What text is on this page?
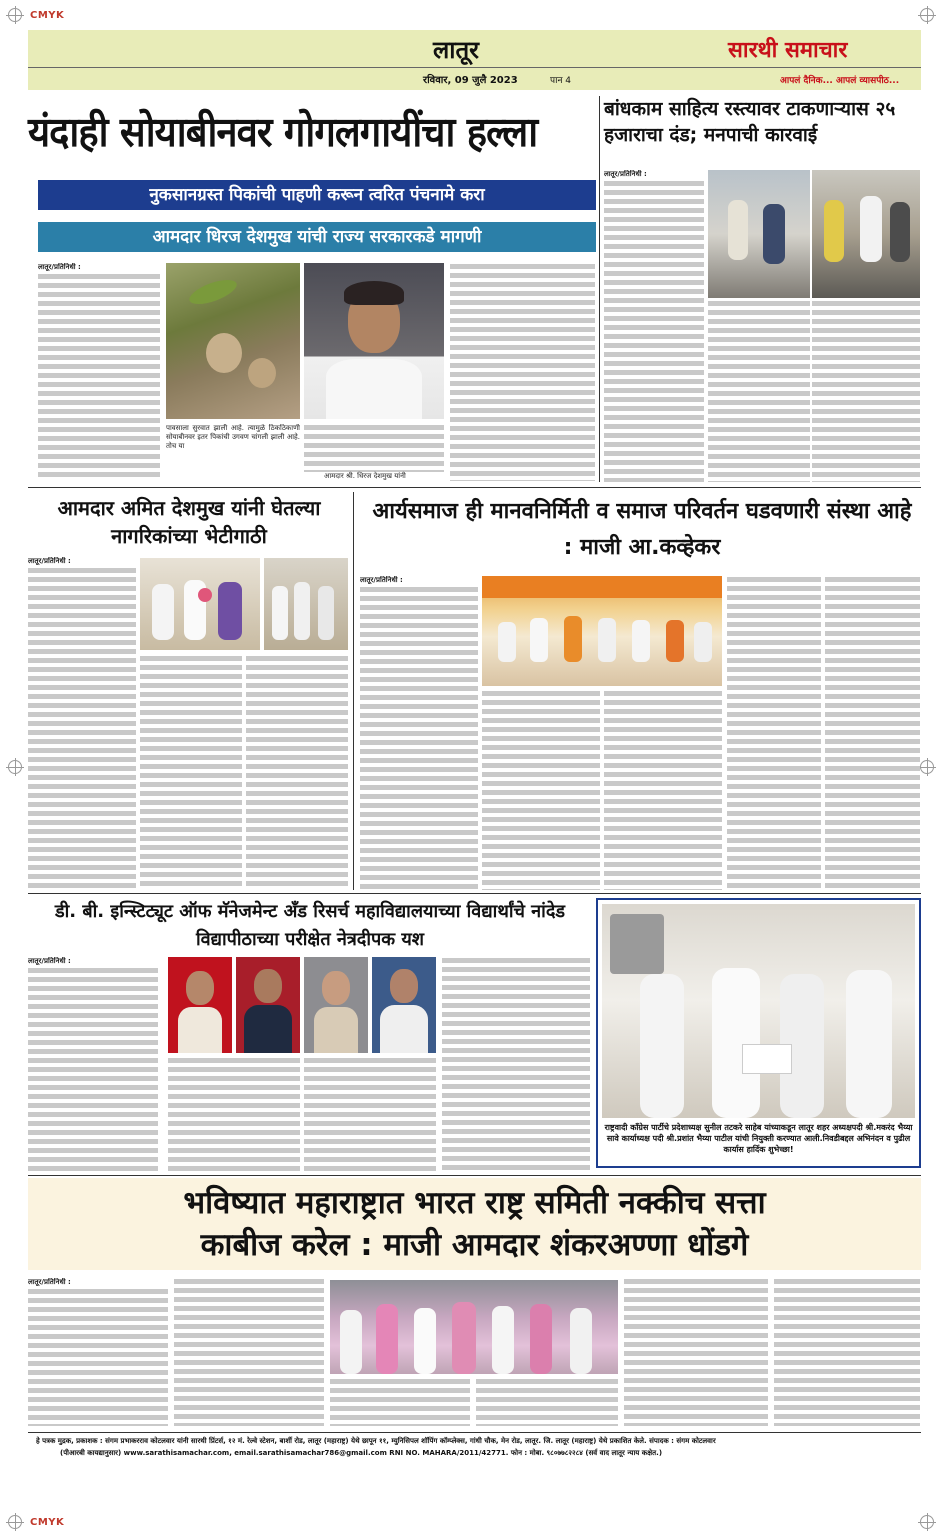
CMYK
CMYK
लातूर	सारथी समाचार
रविवार, 09 जुलै 2023	पान 4	आपलं दैनिक... आपलं व्यासपीठ...
यंदाही सोयाबीनवर गोगलगायींचा हल्ला
नुकसानग्रस्त पिकांची पाहणी करून त्वरित पंचनामे करा
आमदार धिरज देशमुख यांची राज्य सरकारकडे मागणी
लातूर/प्रतिनिधी :
पावसाला सुरवात झाली आहे. त्यामुळे ठिकठिकाणी सोयाबीनवर इतर पिकांची उगवण चांगली झाली आहे. तोच या
आमदार श्री. धिरज देशमुख यांनी
बांधकाम साहित्य रस्त्यावर टाकणाऱ्यास २५ हजाराचा दंड; मनपाची कारवाई
लातूर/प्रतिनिधी :
आमदार अमित देशमुख यांनी घेतल्या नागरिकांच्या भेटीगाठी
लातूर/प्रतिनिधी :
आर्यसमाज ही मानवनिर्मिती व समाज परिवर्तन घडवणारी संस्था आहे : माजी आ.कव्हेकर
लातूर/प्रतिनिधी :
डी. बी. इन्स्टिट्यूट ऑफ मॅनेजमेन्ट अँड रिसर्च महाविद्यालयाच्या विद्यार्थांचे नांदेड विद्यापीठाच्या परीक्षेत नेत्रदीपक यश
लातूर/प्रतिनिधी :
राष्ट्रवादी काँग्रेस पार्टीचे प्रदेशाध्यक्ष सुनील तटकरे साहेब यांच्याकडून लातूर शहर अध्यक्षपदी श्री.मकरंद भैय्या सावे कार्याध्यक्ष पदी श्री.प्रशांत भैय्या पाटील यांची नियुक्ती करण्यात आली.निवडीबद्दल अभिनंदन व पुढील कार्यास हार्दिक शुभेच्छा!
भविष्यात महाराष्ट्रात भारत राष्ट्र समिती नक्कीच सत्ता
काबीज करेल : माजी आमदार शंकरअण्णा धोंडगे
लातूर/प्रतिनिधी :
हे पत्रक मुद्रक, प्रकाशक : संगम प्रभाकरराव कोटलवार यांनी सारथी प्रिंटर्स, १२ मं. रेल्वे स्टेशन, बार्शी रोड, लातूर (महाराष्ट्र) येथे छापून ११, म्युनिसिपल शॉपिंग कॉम्प्लेक्स, गांधी चौक, मेन रोड, लातूर. जि. लातूर (महाराष्ट्र) येथे प्रकाशित केले. संपादक : संगम कोटलवार
(पीआरबी कायद्यानुसार) www.sarathisamachar.com, email.sarathisamachar786@gmail.com RNI NO. MAHARA/2011/42771. फोन : मोबा. ९८०७७८२२८४ (सर्व वाद लातूर न्याय कक्षेत.)
